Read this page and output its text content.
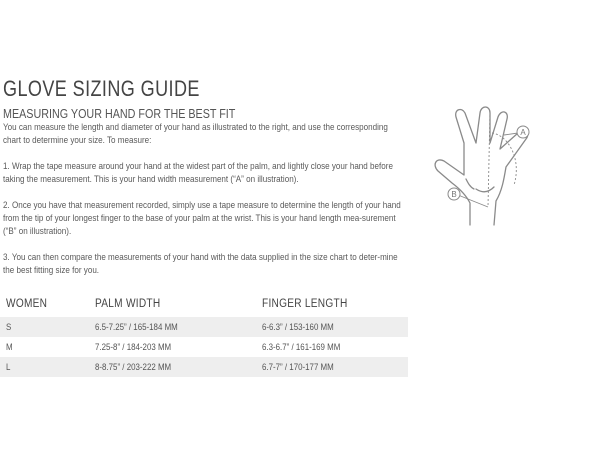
GLOVE SIZING GUIDE
MEASURING YOUR HAND FOR THE BEST FIT

You can measure the length and diameter of your hand as illustrated to the right, and use the corresponding chart to determine your size. To measure:

1. Wrap the tape measure around your hand at the widest part of the palm, and lightly close your hand before taking the measurement. This is your hand width measurement (“A” on illustration).

2. Once you have that measurement recorded, simply use a tape measure to determine the length of your hand from the tip of your longest finger to the base of your palm at the wrist. This is your hand length mea-surement (“B” on illustration).

3. You can then compare the measurements of your hand with the data supplied in the size chart to deter-mine the best fitting size for you.

A
B
WOMEN	PALM WIDTH	FINGER LENGTH
S	6.5-7.25” / 165-184 MM	6-6.3” / 153-160 MM
M	7.25-8” / 184-203 MM	6.3-6.7” / 161-169 MM
L	8-8.75” / 203-222 MM	6.7-7” / 170-177 MM
